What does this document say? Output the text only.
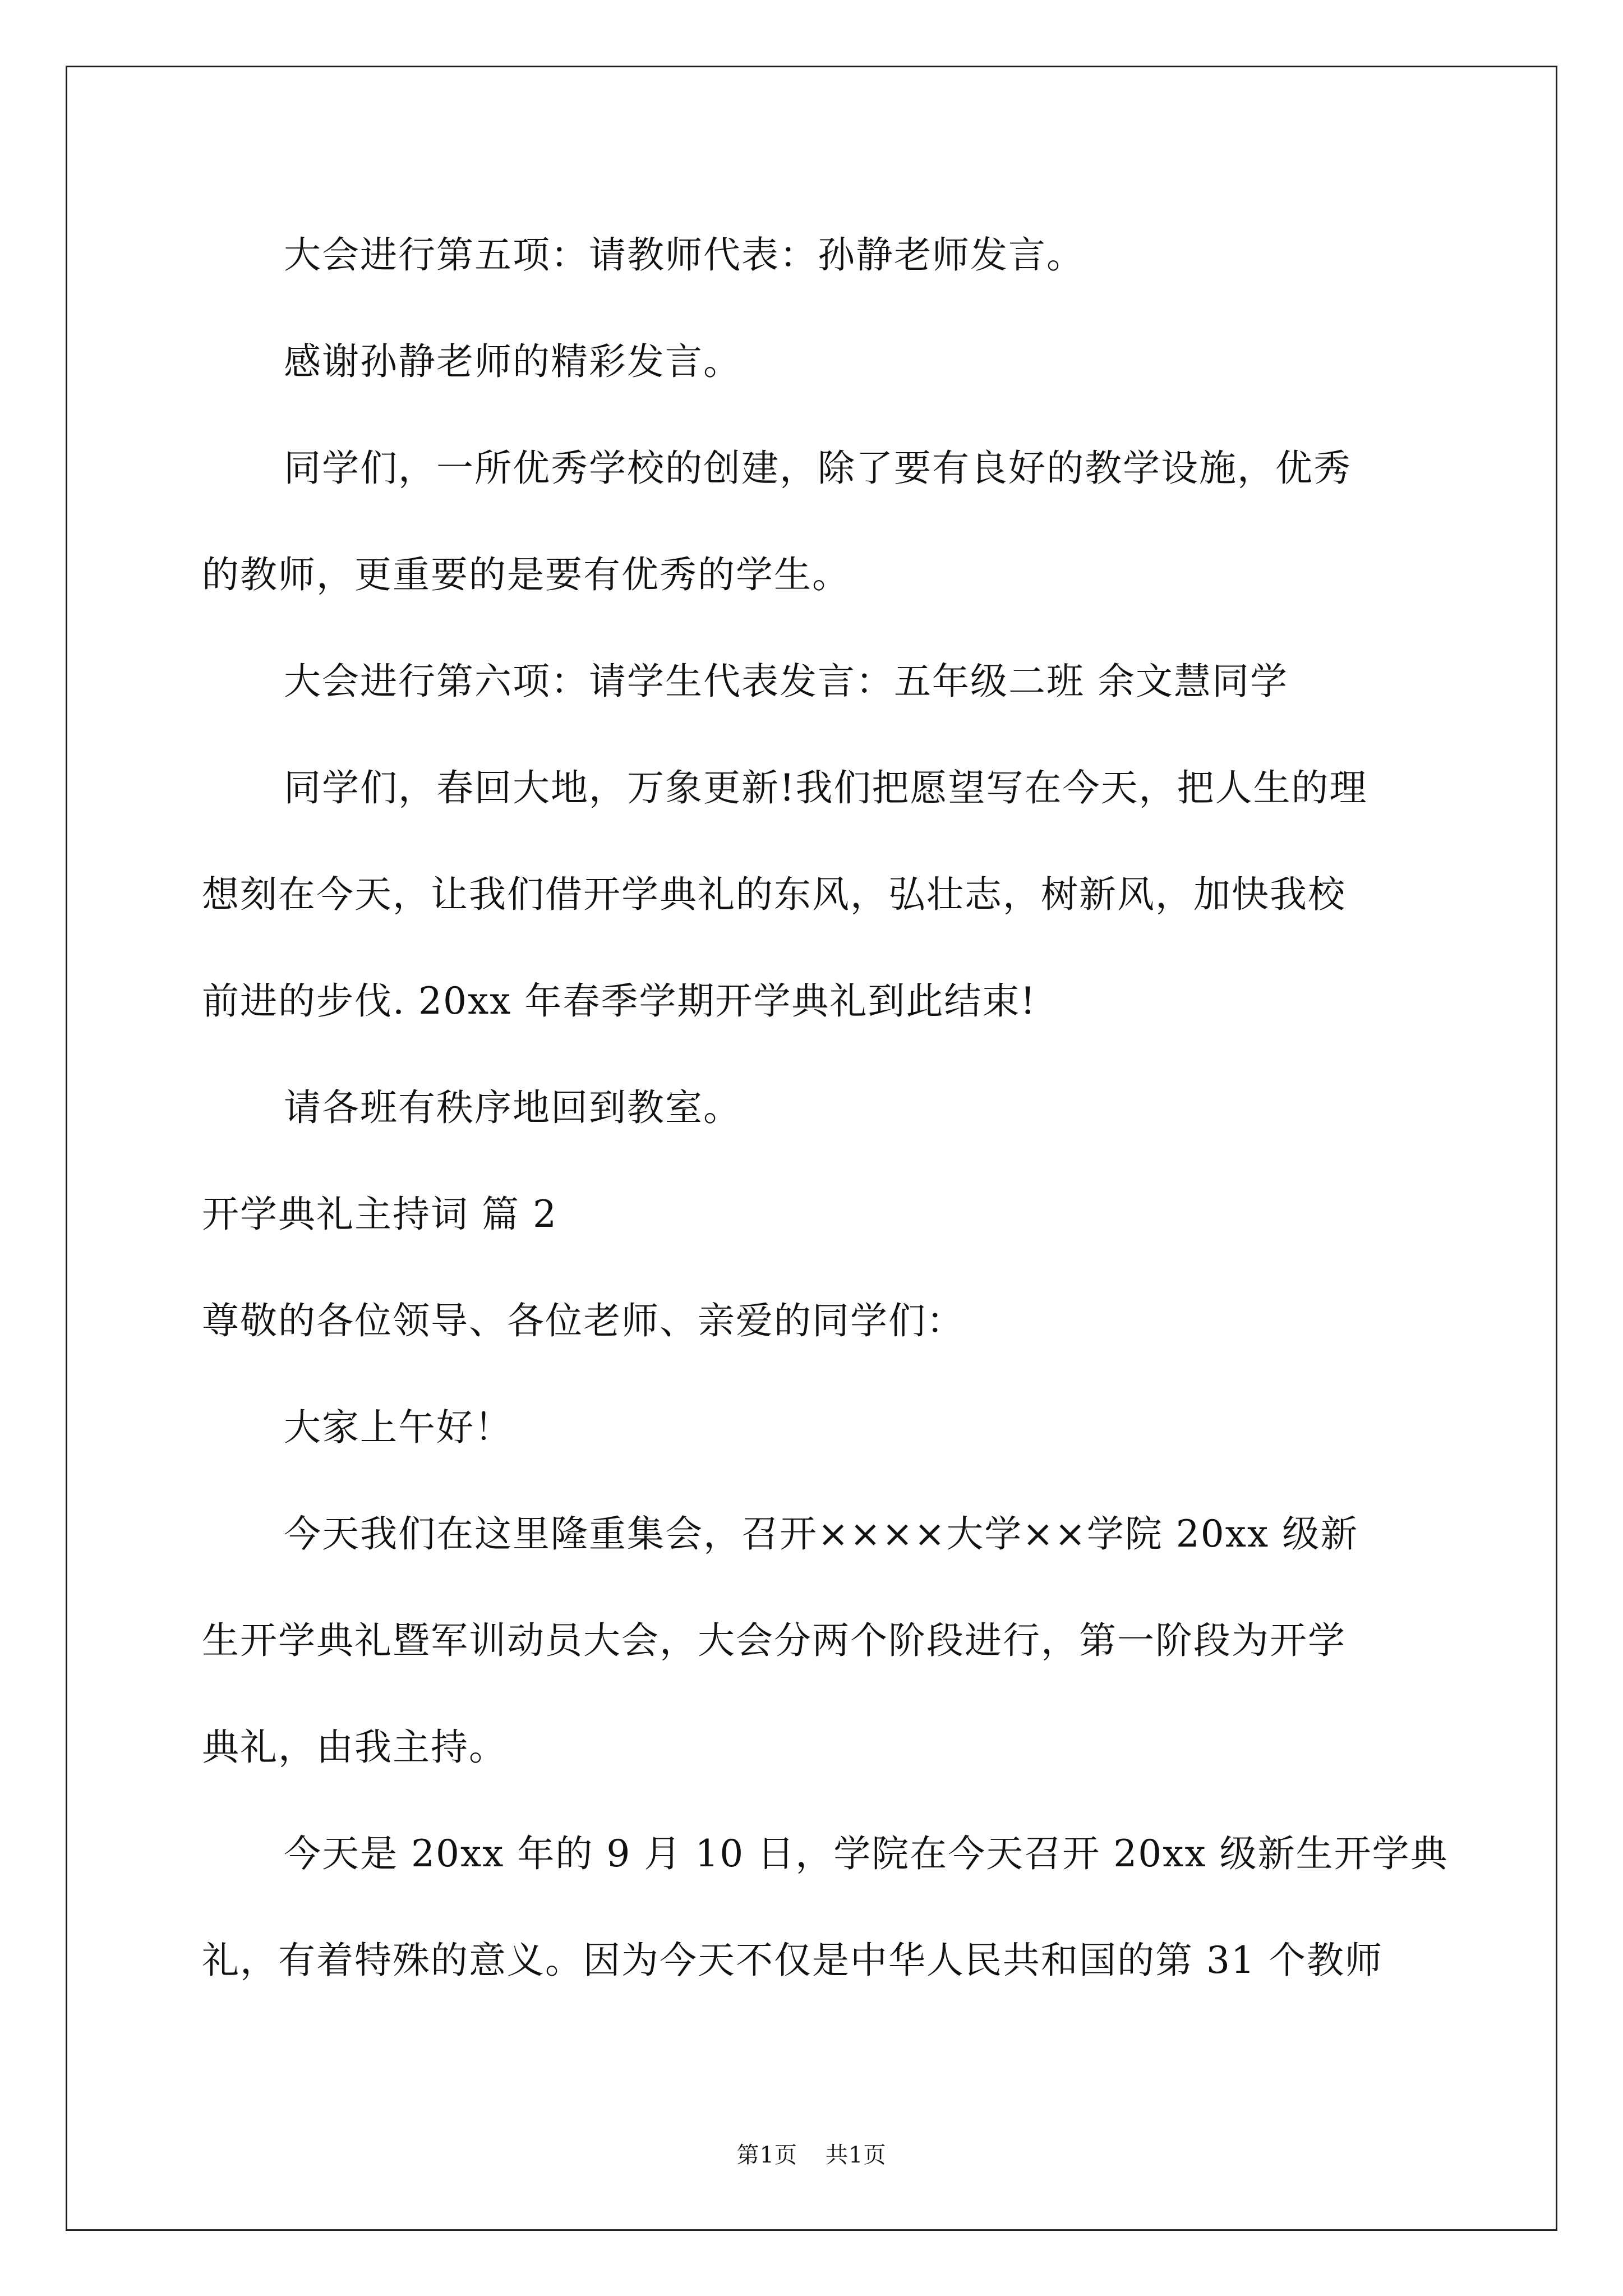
大会进行第五项：请教师代表：孙静老师发言。
感谢孙静老师的精彩发言。
同学们，一所优秀学校的创建，除了要有良好的教学设施，优秀
的教师，更重要的是要有优秀的学生。
大会进行第六项：请学生代表发言：五年级二班 余文慧同学
同学们，春回大地，万象更新!我们把愿望写在今天，把人生的理
想刻在今天，让我们借开学典礼的东风，弘壮志，树新风，加快我校
前进的步伐. 20xx 年春季学期开学典礼到此结束!
请各班有秩序地回到教室。
开学典礼主持词 篇 2
尊敬的各位领导、各位老师、亲爱的同学们：
大家上午好！
今天我们在这里隆重集会，召开××××大学××学院 20xx 级新
生开学典礼暨军训动员大会，大会分两个阶段进行，第一阶段为开学
典礼，由我主持。
今天是 20xx 年的 9 月 10 日，学院在今天召开 20xx 级新生开学典
礼，有着特殊的意义。因为今天不仅是中华人民共和国的第 31 个教师
第1页 共1页
